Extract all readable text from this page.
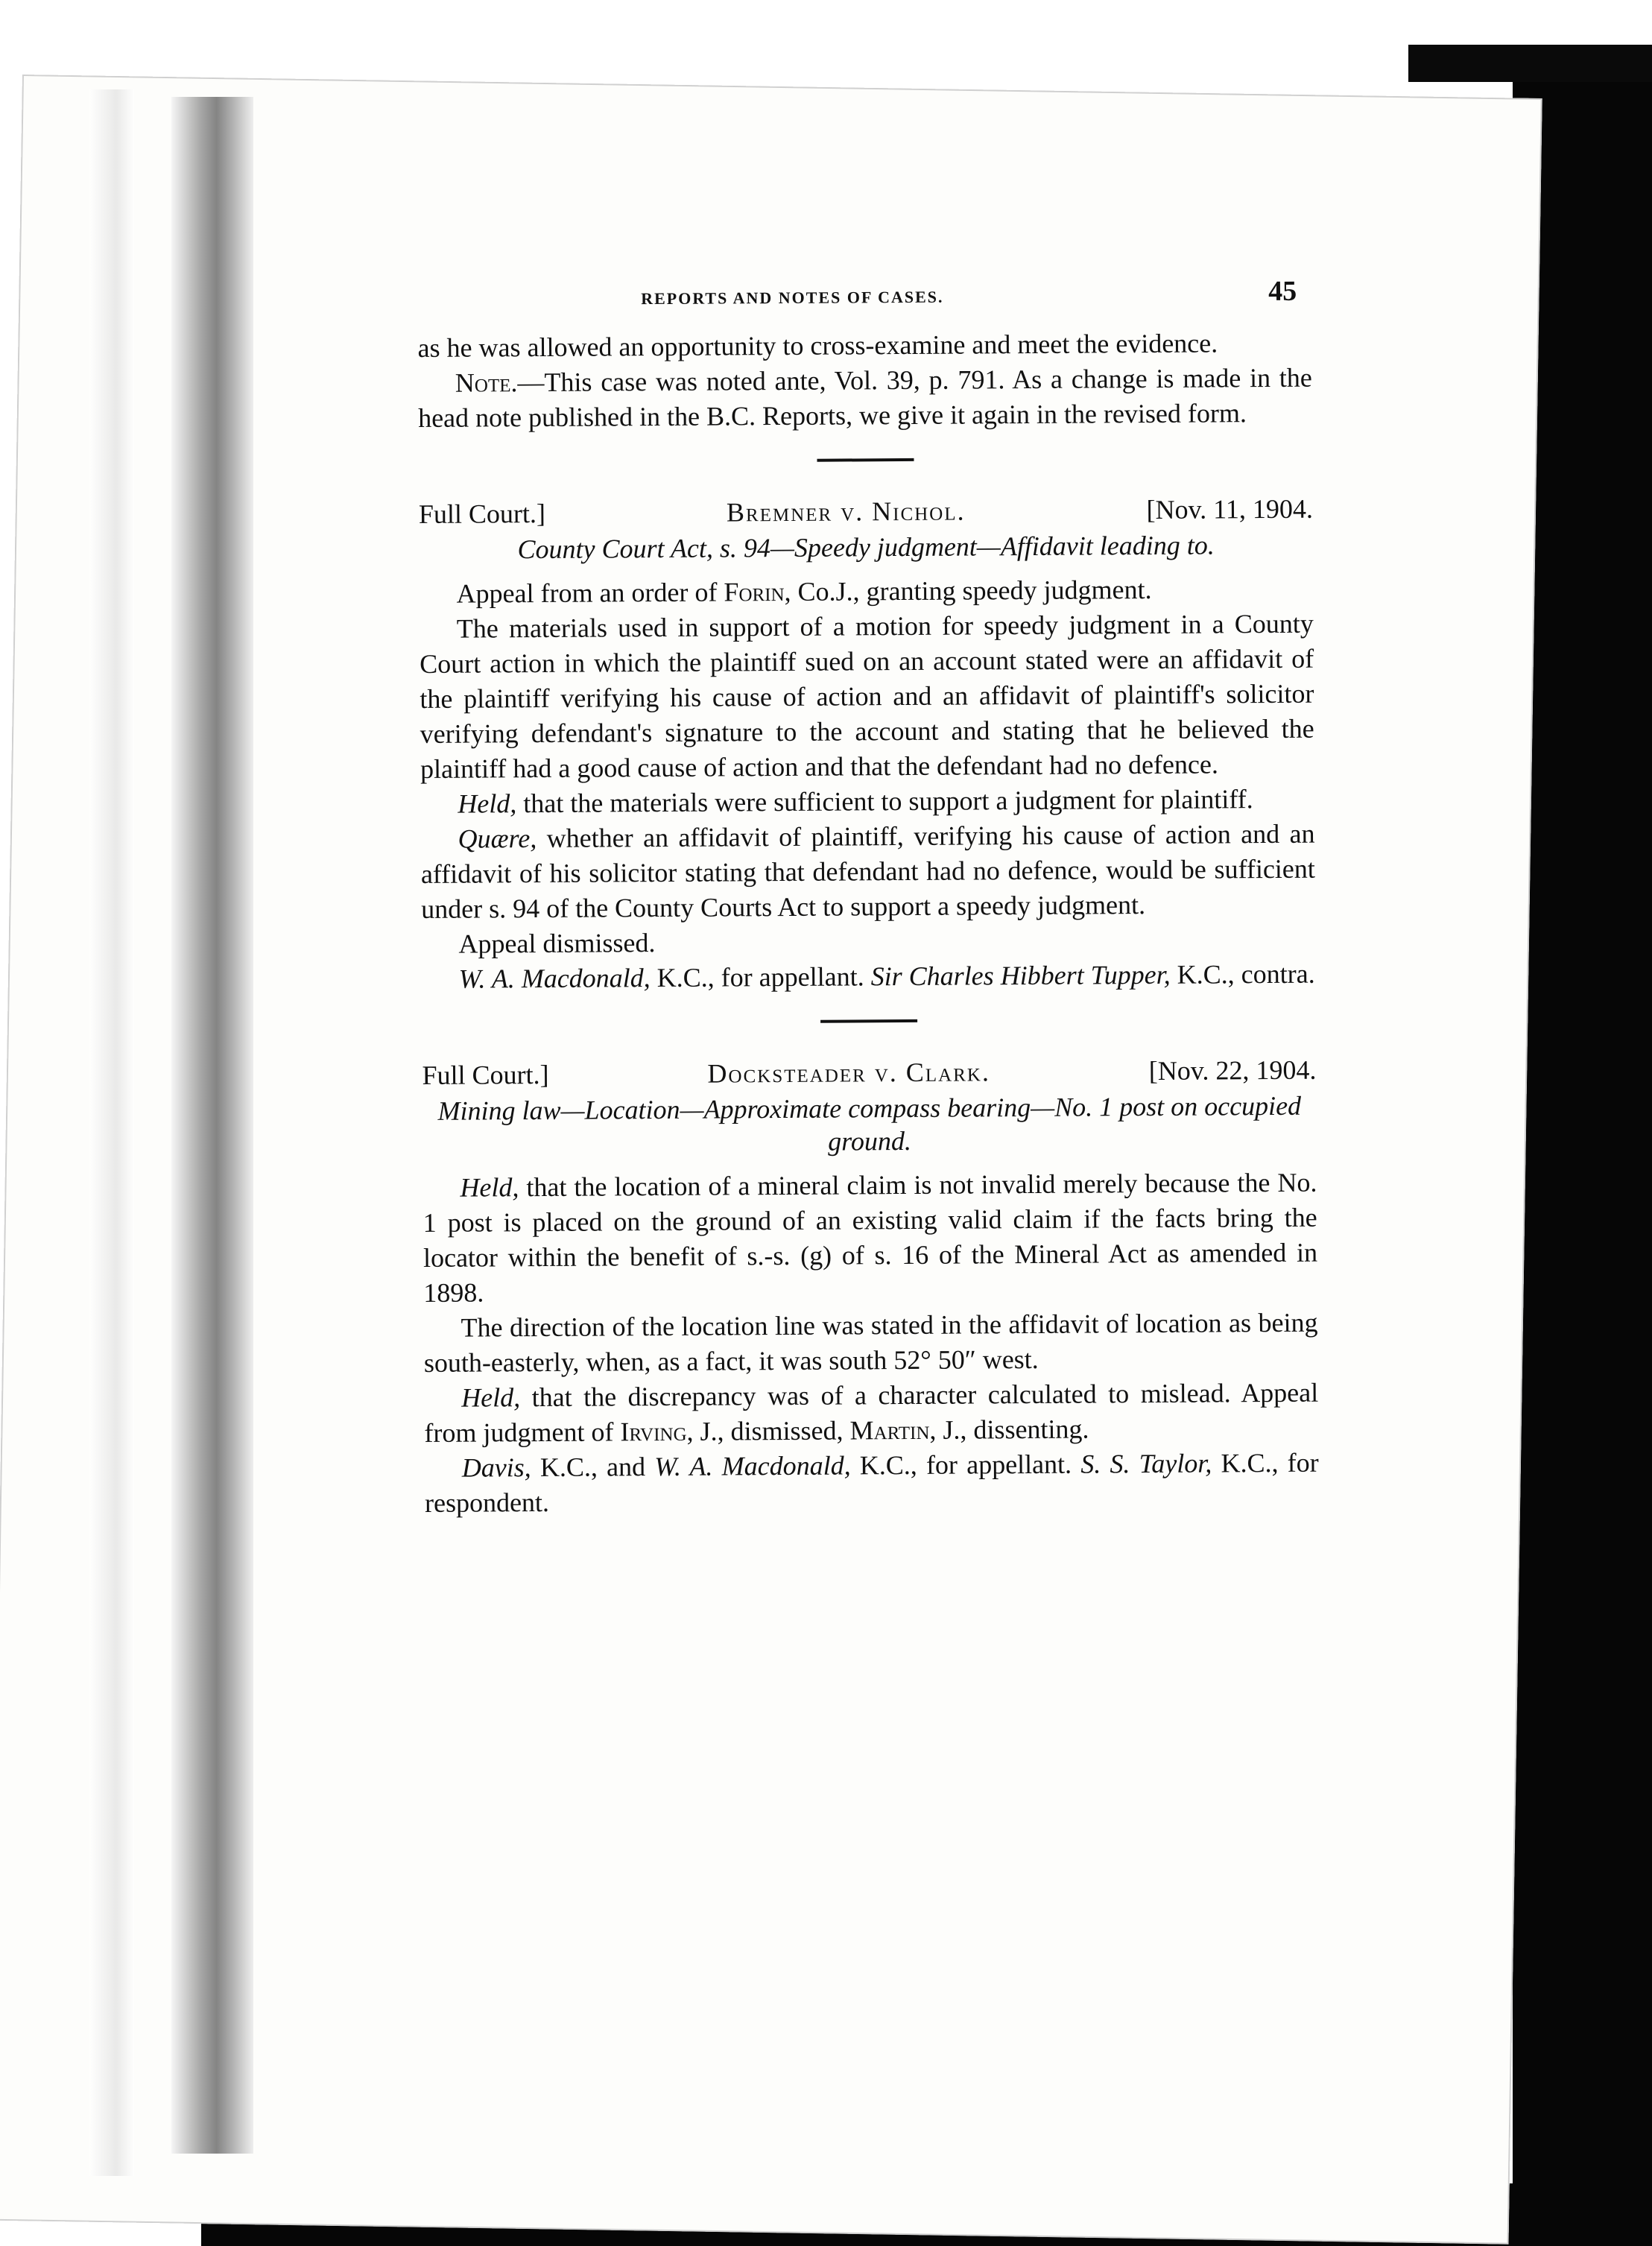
REPORTS AND NOTES OF CASES.	45

as he was allowed an opportunity to cross-examine and meet the evidence.

Note.—This case was noted ante, Vol. 39, p. 791. As a change is made in the head note published in the B.C. Reports, we give it again in the revised form.

Full Court.]	Bremner v. Nichol.	[Nov. 11, 1904.
County Court Act, s. 94—Speedy judgment—Affidavit leading to.

Appeal from an order of Forin, Co.J., granting speedy judgment.

The materials used in support of a motion for speedy judgment in a County Court action in which the plaintiff sued on an account stated were an affidavit of the plaintiff verifying his cause of action and an affidavit of plaintiff's solicitor verifying defendant's signature to the account and stating that he believed the plaintiff had a good cause of action and that the defendant had no defence.

Held, that the materials were sufficient to support a judgment for plaintiff.

Quære, whether an affidavit of plaintiff, verifying his cause of action and an affidavit of his solicitor stating that defendant had no defence, would be sufficient under s. 94 of the County Courts Act to support a speedy judgment.

Appeal dismissed.

W. A. Macdonald, K.C., for appellant. Sir Charles Hibbert Tupper, K.C., contra.

Full Court.]	Docksteader v. Clark.	[Nov. 22, 1904.
Mining law—Location—Approximate compass bearing—No. 1 post on occupied ground.

Held, that the location of a mineral claim is not invalid merely because the No. 1 post is placed on the ground of an existing valid claim if the facts bring the locator within the benefit of s.-s. (g) of s. 16 of the Mineral Act as amended in 1898.

The direction of the location line was stated in the affidavit of location as being south-easterly, when, as a fact, it was south 52° 50″ west.

Held, that the discrepancy was of a character calculated to mislead. Appeal from judgment of Irving, J., dismissed, Martin, J., dissenting.

Davis, K.C., and W. A. Macdonald, K.C., for appellant. S. S. Taylor, K.C., for respondent.
